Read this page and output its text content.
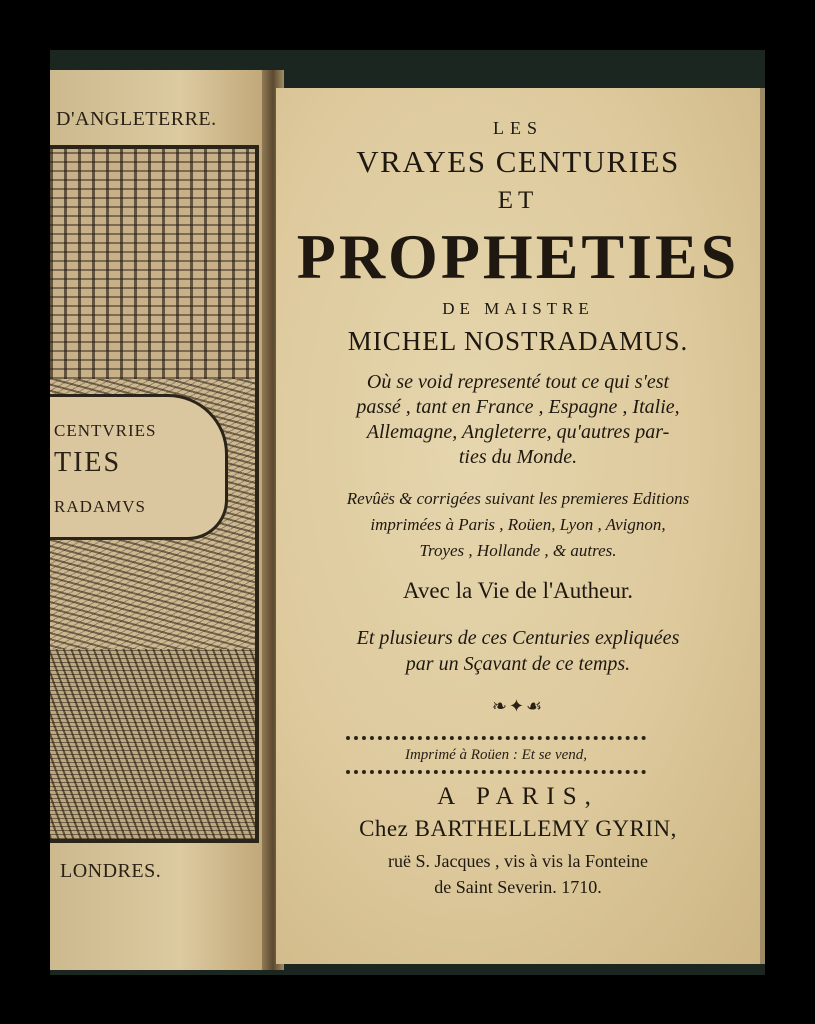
D'ANGLETERRE.
CENTVRIES
TIES
RADAMVS
LONDRES.
LES
VRAYES CENTURIES
ET
PROPHETIES
DE MAISTRE
MICHEL NOSTRADAMUS.
Où se void representé tout ce qui s'est
passé , tant en France , Espagne , Italie,
Allemagne, Angleterre, qu'autres par-
ties du Monde.
Revûës & corrigées suivant les premieres Editions
imprimées à Paris , Roüen, Lyon , Avignon,
Troyes , Hollande , & autres.
Avec la Vie de l'Autheur.
Et plusieurs de ces Centuries expliquées
par un Sçavant de ce temps.
❧✦☙
Imprimé à Roüen : Et se vend,
A PARIS,
Chez BARTHELLEMY GYRIN,
ruë S. Jacques , vis à vis la Fonteine
de Saint Severin. 1710.
